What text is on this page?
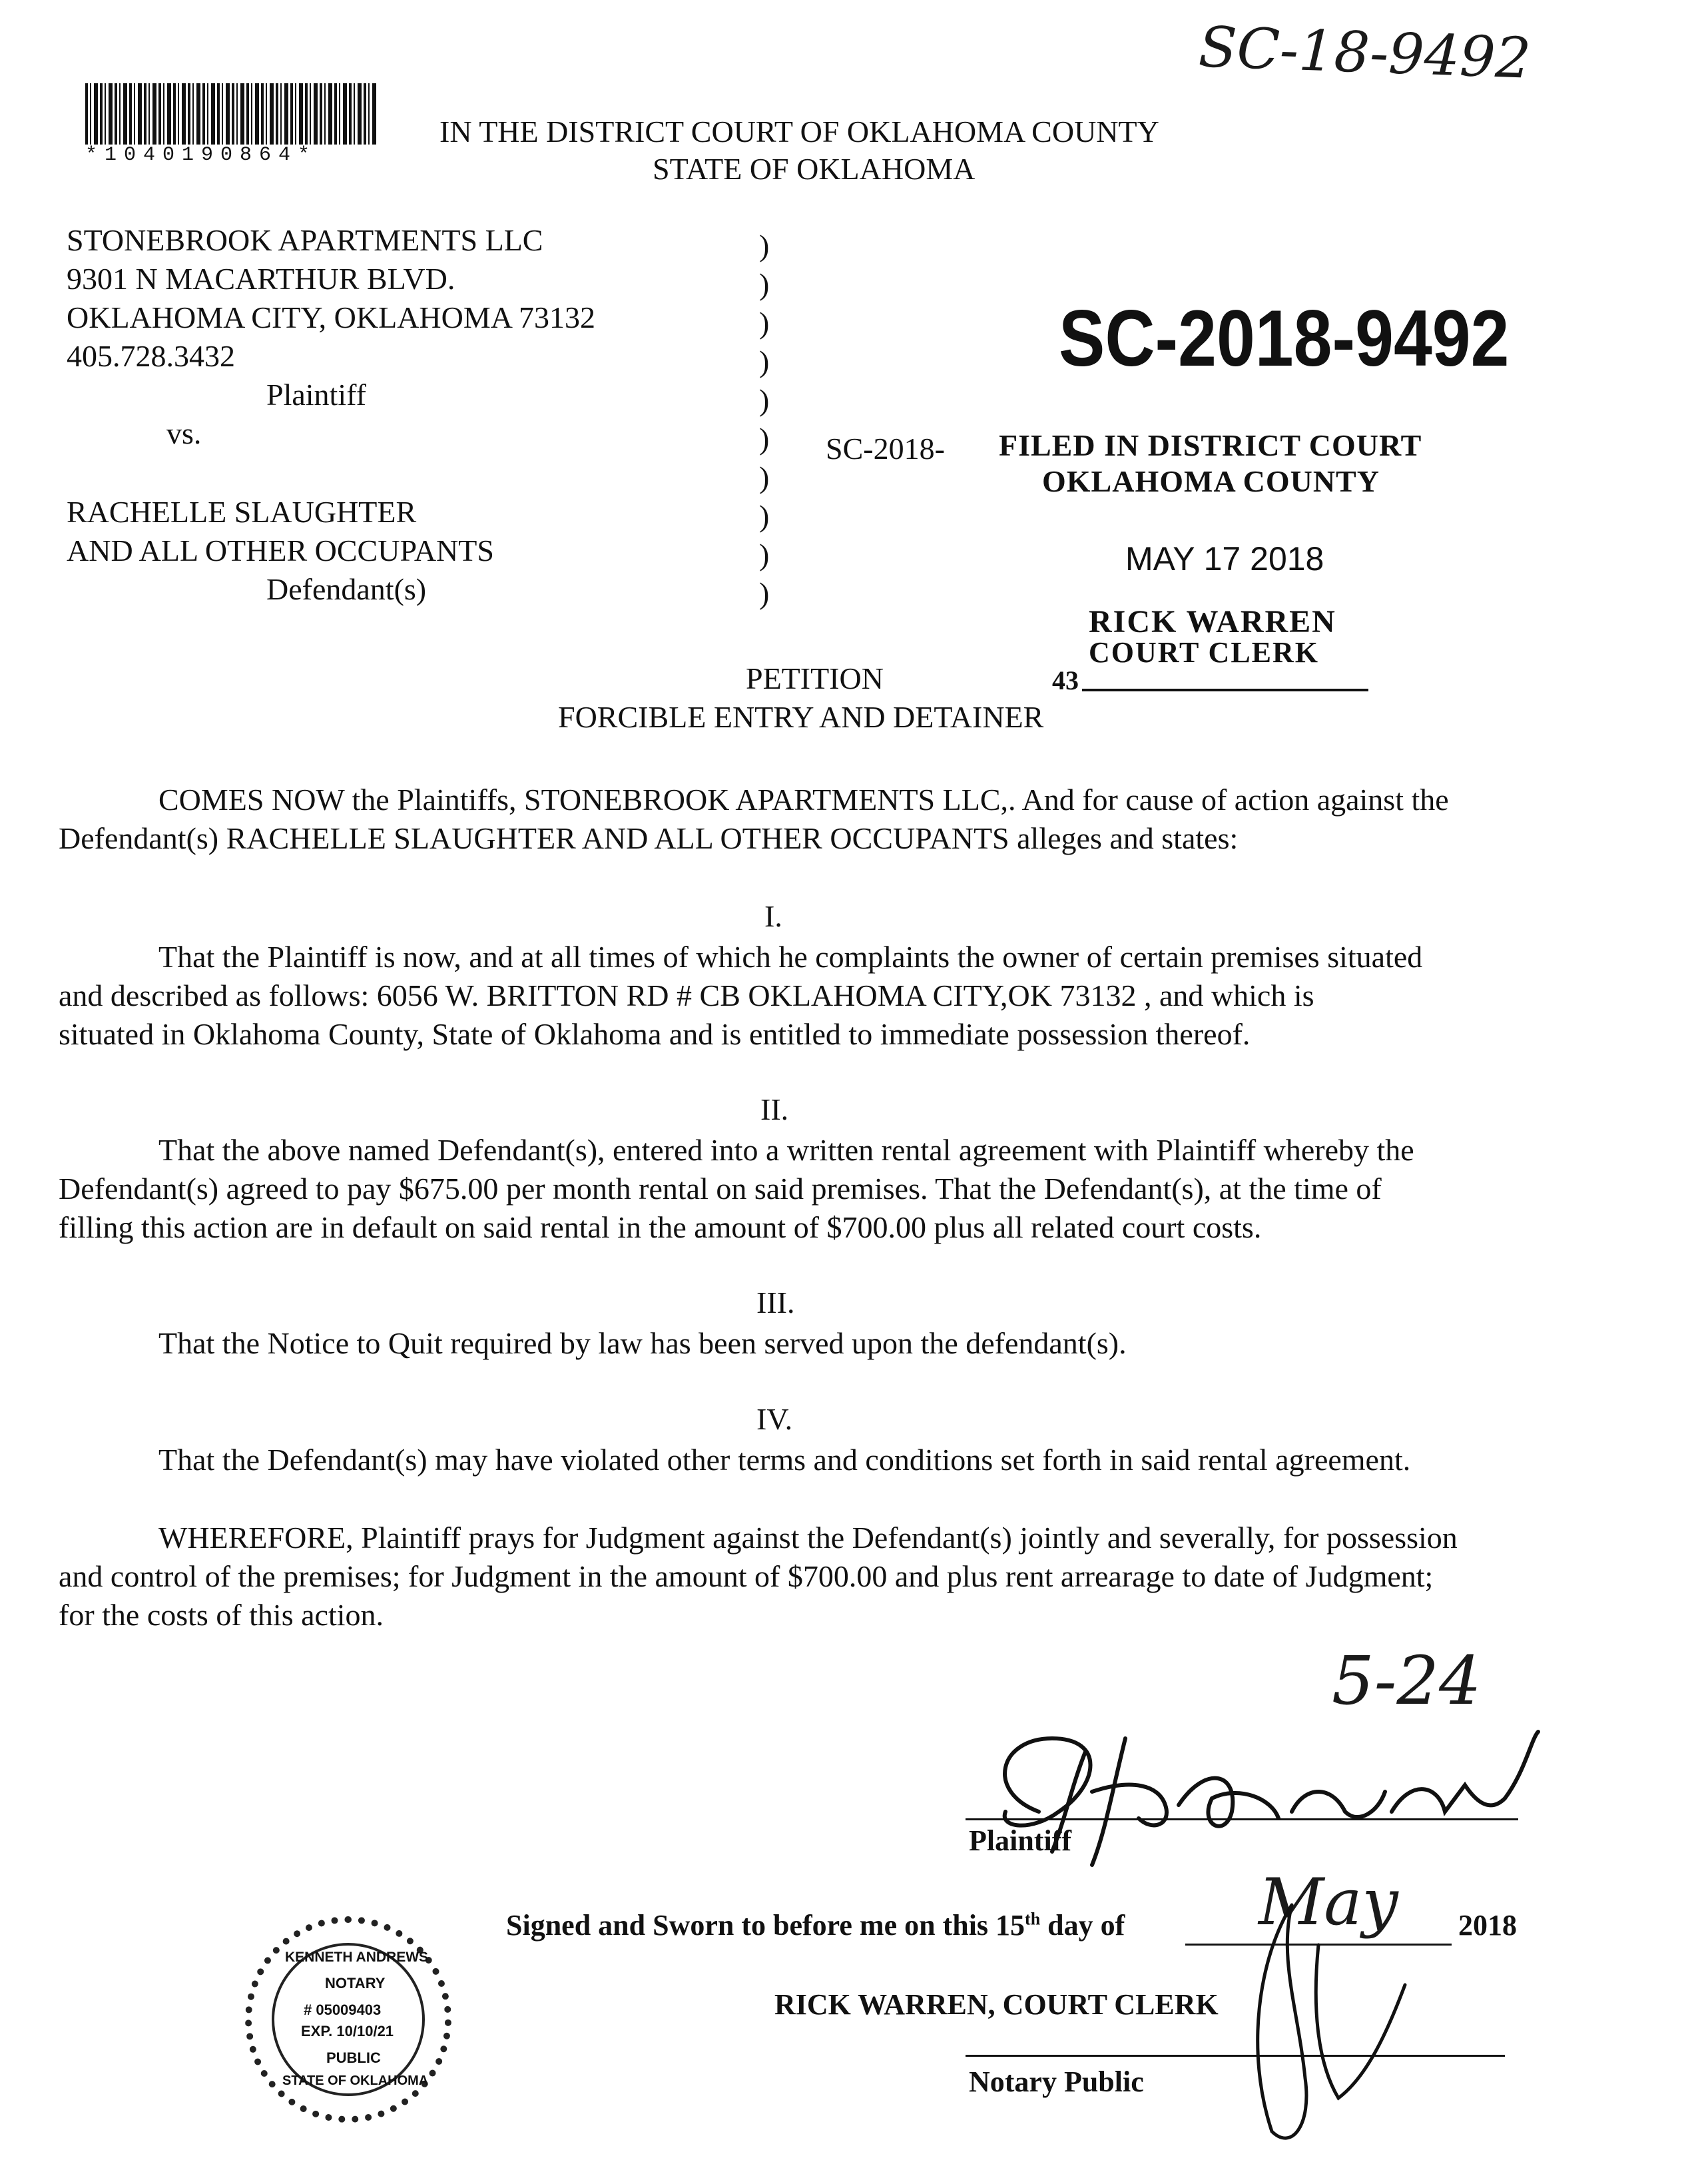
SC-18-9492
*1040190864*
IN THE DISTRICT COURT OF OKLAHOMA COUNTY
STATE OF OKLAHOMA
STONEBROOK APARTMENTS LLC
9301 N MACARTHUR BLVD.
OKLAHOMA CITY, OKLAHOMA 73132
405.728.3432
Plaintiff
vs.
RACHELLE SLAUGHTER
AND ALL OTHER OCCUPANTS
Defendant(s)
)
)
)
)
)
)
)
)
)
)
SC-2018-9492
SC-2018- FILED IN DISTRICT COURT
OKLAHOMA COUNTY
MAY 17 2018
RICK WARREN
COURT CLERK
43
PETITION
FORCIBLE ENTRY AND DETAINER

COMES NOW the Plaintiffs, STONEBROOK APARTMENTS LLC,. And for cause of action against the

Defendant(s) RACHELLE SLAUGHTER AND ALL OTHER OCCUPANTS alleges and states:

I.

That the Plaintiff is now, and at all times of which he complaints the owner of certain premises situated

and described as follows: 6056 W. BRITTON RD # CB OKLAHOMA CITY,OK 73132 , and which is

situated in Oklahoma County, State of Oklahoma and is entitled to immediate possession thereof.

II.

That the above named Defendant(s), entered into a written rental agreement with Plaintiff whereby the

Defendant(s) agreed to pay $675.00 per month rental on said premises. That the Defendant(s), at the time of

filling this action are in default on said rental in the amount of $700.00 plus all related court costs.

III.

That the Notice to Quit required by law has been served upon the defendant(s).

IV.

That the Defendant(s) may have violated other terms and conditions set forth in said rental agreement.

WHEREFORE, Plaintiff prays for Judgment against the Defendant(s) jointly and severally, for possession

and control of the premises; for Judgment in the amount of $700.00 and plus rent arrearage to date of Judgment;

for the costs of this action.

5-24
Plaintiff
Signed and Sworn to before me on this 15th day of May 2018
RICK WARREN, COURT CLERK
Notary Public
KENNETH ANDREWS
NOTARY
# 05009403
EXP. 10/10/21
PUBLIC
STATE OF OKLAHOMA
